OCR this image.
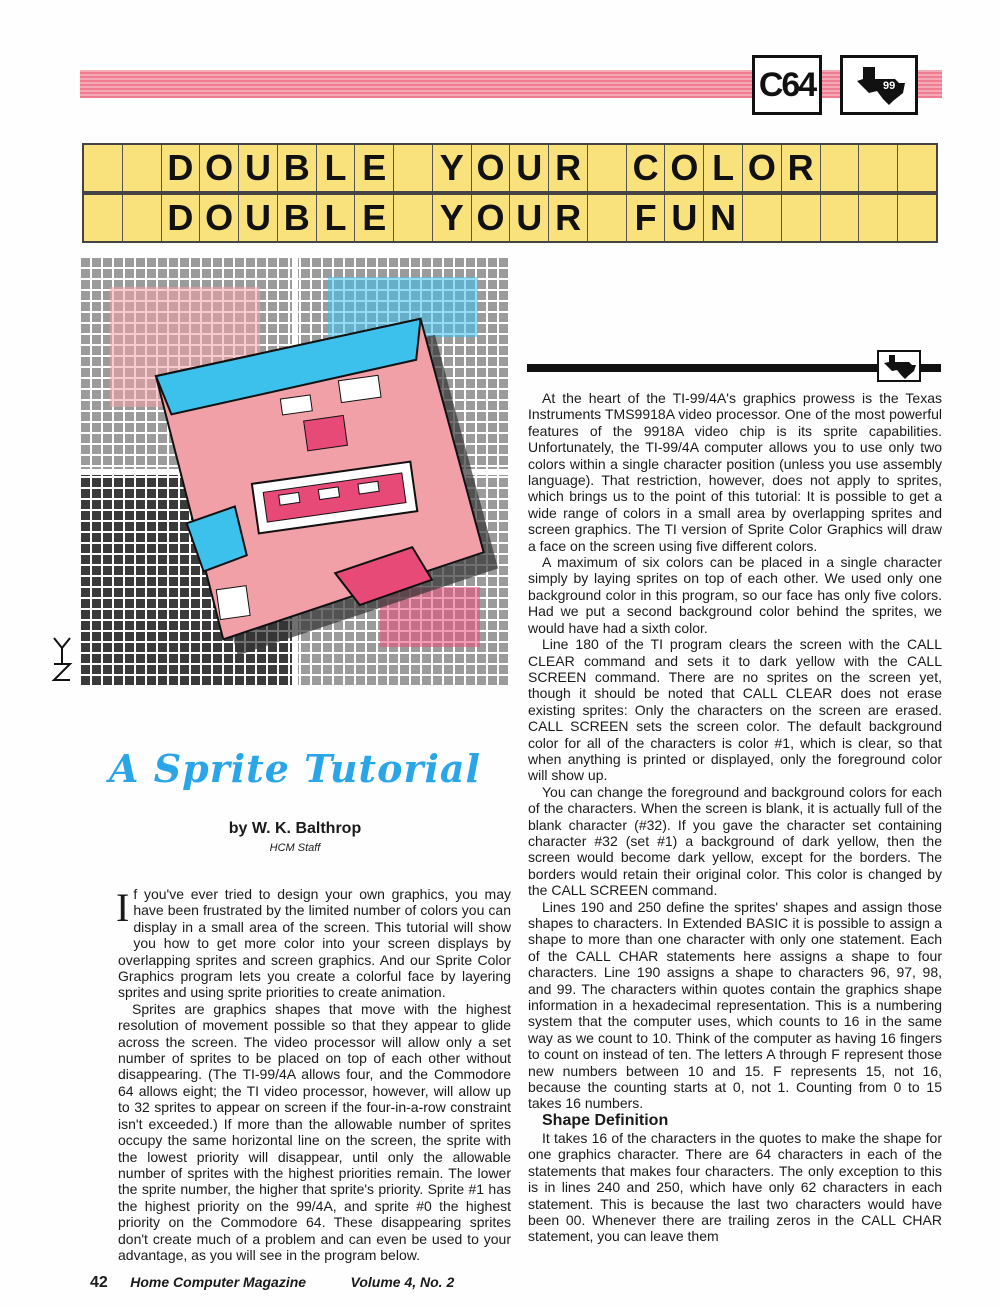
C64	99
D O U B L E Y O U R C O L O R
D O U B L E Y O U R F U N
A Sprite Tutorial
by W. K. Balthrop
HCM Staff

If you've ever tried to design your own graphics, you may have been frustrated by the limited number of colors you can display in a small area of the screen. This tutorial will show you how to get more color into your screen displays by overlapping sprites and screen graphics. And our Sprite Color Graphics program lets you create a colorful face by layering sprites and using sprite priorities to create animation.

Sprites are graphics shapes that move with the highest resolution of movement possible so that they appear to glide across the screen. The video processor will allow only a set number of sprites to be placed on top of each other without disappearing. (The TI-99/4A allows four, and the Commodore 64 allows eight; the TI video processor, however, will allow up to 32 sprites to appear on screen if the four-in-a-row constraint isn't exceeded.) If more than the allowable number of sprites occupy the same horizontal line on the screen, the sprite with the lowest priority will disappear, until only the allowable number of sprites with the highest priorities remain. The lower the sprite number, the higher that sprite's priority. Sprite #1 has the highest priority on the 99/4A, and sprite #0 the highest priority on the Commodore 64. These disappearing sprites don't create much of a problem and can even be used to your advantage, as you will see in the program below.

At the heart of the TI-99/4A's graphics prowess is the Texas Instruments TMS9918A video processor. One of the most powerful features of the 9918A video chip is its sprite capabilities. Unfortunately, the TI-99/4A computer allows you to use only two colors within a single character position (unless you use assembly language). That restriction, however, does not apply to sprites, which brings us to the point of this tutorial: It is possible to get a wide range of colors in a small area by overlapping sprites and screen graphics. The TI version of Sprite Color Graphics will draw a face on the screen using five different colors.

A maximum of six colors can be placed in a single character simply by laying sprites on top of each other. We used only one background color in this program, so our face has only five colors. Had we put a second background color behind the sprites, we would have had a sixth color.

Line 180 of the TI program clears the screen with the CALL CLEAR command and sets it to dark yellow with the CALL SCREEN command. There are no sprites on the screen yet, though it should be noted that CALL CLEAR does not erase existing sprites: Only the characters on the screen are erased. CALL SCREEN sets the screen color. The default background color for all of the characters is color #1, which is clear, so that when anything is printed or displayed, only the foreground color will show up.

You can change the foreground and background colors for each of the characters. When the screen is blank, it is actually full of the blank character (#32). If you gave the character set containing character #32 (set #1) a background of dark yellow, then the screen would become dark yellow, except for the borders. The borders would retain their original color. This color is changed by the CALL SCREEN command.

Lines 190 and 250 define the sprites' shapes and assign those shapes to characters. In Extended BASIC it is possible to assign a shape to more than one character with only one statement. Each of the CALL CHAR statements here assigns a shape to four characters. Line 190 assigns a shape to characters 96, 97, 98, and 99. The characters within quotes contain the graphics shape information in a hexadecimal representation. This is a numbering system that the computer uses, which counts to 16 in the same way as we count to 10. Think of the computer as having 16 fingers to count on instead of ten. The letters A through F represent those new numbers between 10 and 15. F represents 15, not 16, because the counting starts at 0, not 1. Counting from 0 to 15 takes 16 numbers.

Shape Definition

It takes 16 of the characters in the quotes to make the shape for one graphics character. There are 64 characters in each of the statements that makes four characters. The only exception to this is in lines 240 and 250, which have only 62 characters in each statement. This is because the last two characters would have been 00. Whenever there are trailing zeros in the CALL CHAR statement, you can leave them

42 Home Computer Magazine	Volume 4, No. 2
